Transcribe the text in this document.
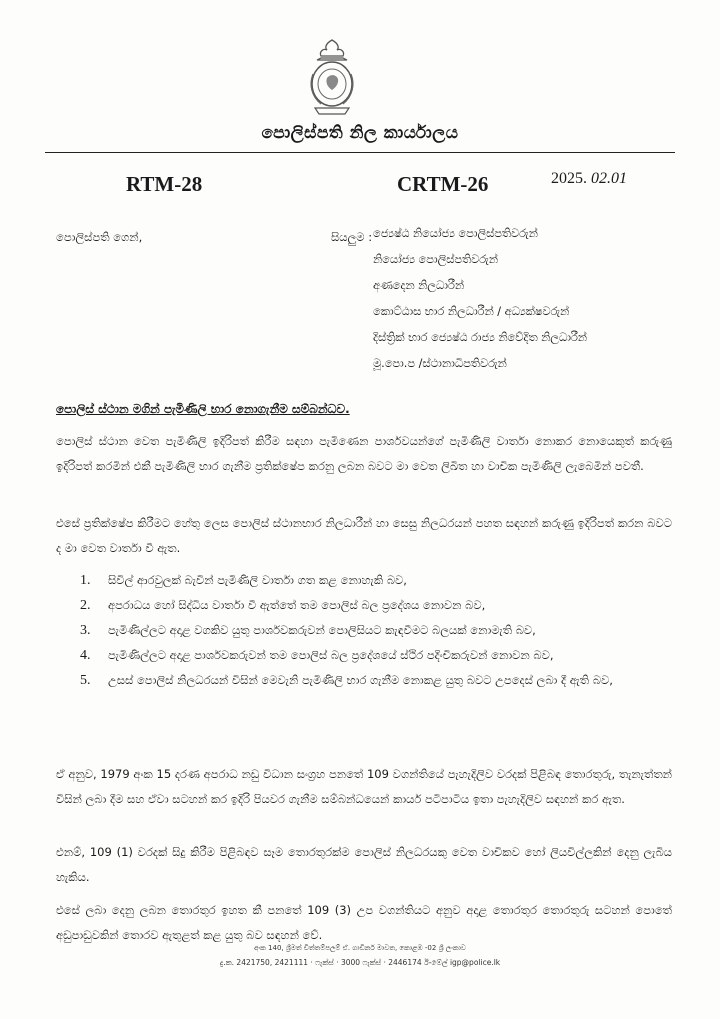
පොලිස්පති නිල කාර්යාලය
RTM-28	CRTM-26	2025. 02.01
පොලිස්පති ගෙන්,	සියලුම : ජ්‍යෙෂ්ඨ නියෝජ්‍ය පොලිස්පතිවරුන්
නියෝජ්‍ය පොලිස්පතිවරුන්
අණදෙන නිලධාරීන්
කොට්ඨාස භාර නිලධාරීන් / අධ්‍යක්ෂවරුන්
දිස්ත්‍රික් භාර ජ්‍යෙෂ්ඨ රාජ්‍ය නිවේදිත නිලධාරීන්
මූ.පො.ප /ස්ථානාධිපතිවරුන්
පොලිස් ස්ථාන මගින් පැමිණිලි භාර නොගැනීම සම්බන්ධව.

පොලිස් ස්ථාන වෙත පැමිණිලි ඉදිරිපත් කිරීම සඳහා පැමිණෙන පාර්ශවයන්ගේ පැමිණිලි වාර්තා නොකර නොයෙකුත් කරුණු ඉදිරිපත් කරමින් එකී පැමිණිලි භාර ගැනීම ප්‍රතික්ෂේප කරනු ලබන බවට මා වෙත ලිඛිත හා වාචික පැමිණිලි ලැබෙමින් පවතී.

එසේ ප්‍රතික්ෂේප කිරීමට හේතු ලෙස පොලිස් ස්ථානභාර නිලධාරීන් හා සෙසු නිලධරයන් පහත සඳහන් කරුණු ඉදිරිපත් කරන බවට ද මා වෙත වාර්තා වී ඇත.

1. සිවිල් ආරවුලක් බැවින් පැමිණිලි වාර්තා ගත කළ නොහැකි බව,
2. අපරාධය හෝ සිද්ධිය වාර්තා වී ඇත්තේ තම පොලිස් බල ප්‍රදේශය නොවන බව,
3. පැමිණිල්ලට අදාළ වගකිව යුතු පාර්ශවකරුවන් පොලිසියට කැඳවීමට බලයක් නොමැති බව,
4. පැමිණිල්ලට අදාළ පාර්ශවකරුවන් තම පොලිස් බල ප්‍රදේශයේ ස්ථිර පදිංචිකරුවන් නොවන බව,
5. උසස් පොලිස් නිලධරයන් විසින් මෙවැනි පැමිණිලි භාර ගැනීම නොකළ යුතු බවට උපදෙස් ලබා දී ඇති බව,

ඒ අනුව, 1979 අංක 15 දරණ අපරාධ නඩු විධාන සංග්‍රහ පනතේ 109 වගන්තියේ පැහැදිලිව වරදක් පිළිබඳ තොරතුරු, තැනැත්තන් විසින් ලබා දීම සහ ඒවා සටහන් කර ඉදිරි පියවර ගැනීම සම්බන්ධයෙන් කාර්ය පටිපාටිය ඉතා පැහැදිලිව සඳහන් කර ඇත.

එනම්, 109 (1) වරදක් සිදු කිරීම පිළිබඳව සෑම තොරතුරක්ම පොලිස් නිලධරයකු වෙත වාචිකව හෝ ලියවිල්ලකින් දෙනු ලැබිය හැකිය.

එසේ ලබා දෙනු ලබන තොරතුර ඉහත කී පනතේ 109 (3) උප වගන්තියට අනුව අදාළ තොරතුර තොරතුරු සටහන් පොතේ අඩුපාඩුවකින් තොරව ඇතුළත් කළ යුතු බව සඳහන් වේ.

අංක 140, ශ්‍රීමත් චිත්තම්පලම් ඒ. ගාඩිනර් මාවත, කොළඹ -02 ශ්‍රී ලංකාව
දු.ක. 2421750, 2421111 · ෆැක්ස් · 3000 ෆැක්ස් · 2446174 ඊ-මේල් igp@police.lk
